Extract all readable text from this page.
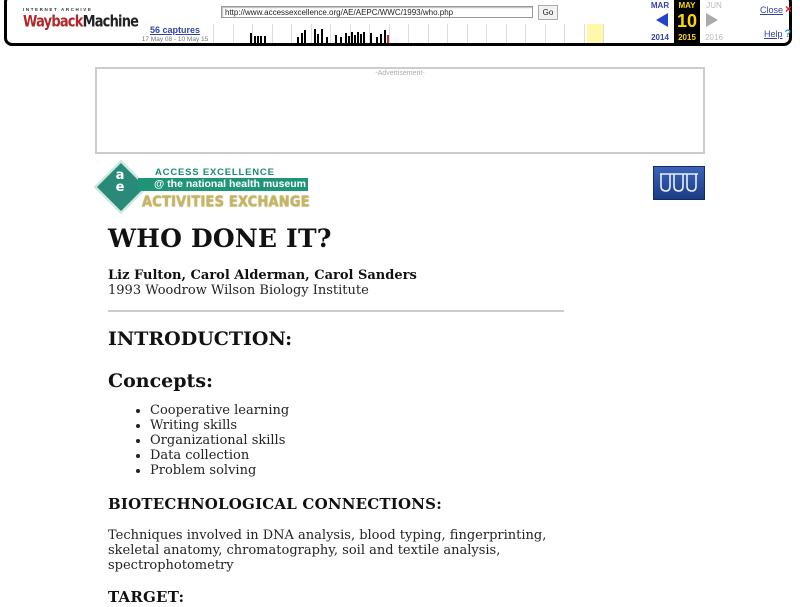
INTERNET ARCHIVE
WaybackMachine	56 captures
17 May 08 - 10 May 15
http://www.accessexcellence.org/AE/AEPC/WWC/1993/who.php	Go
MAR
2014
MAY
10
2015
JUN
2016
Close ×
Help ?
-Advertisement-
a
e
ACCESS EXCELLENCE
@ the national health museum
ACTIVITIES EXCHANGE
WHO DONE IT?
Liz Fulton, Carol Alderman, Carol Sanders
1993 Woodrow Wilson Biology Institute
INTRODUCTION:
Concepts:
• Cooperative learning
• Writing skills
• Organizational skills
• Data collection
• Problem solving
BIOTECHNOLOGICAL CONNECTIONS:

Techniques involved in DNA analysis, blood typing, fingerprinting, skeletal anatomy, chromatography, soil and textile analysis, spectrophotometry

TARGET:
